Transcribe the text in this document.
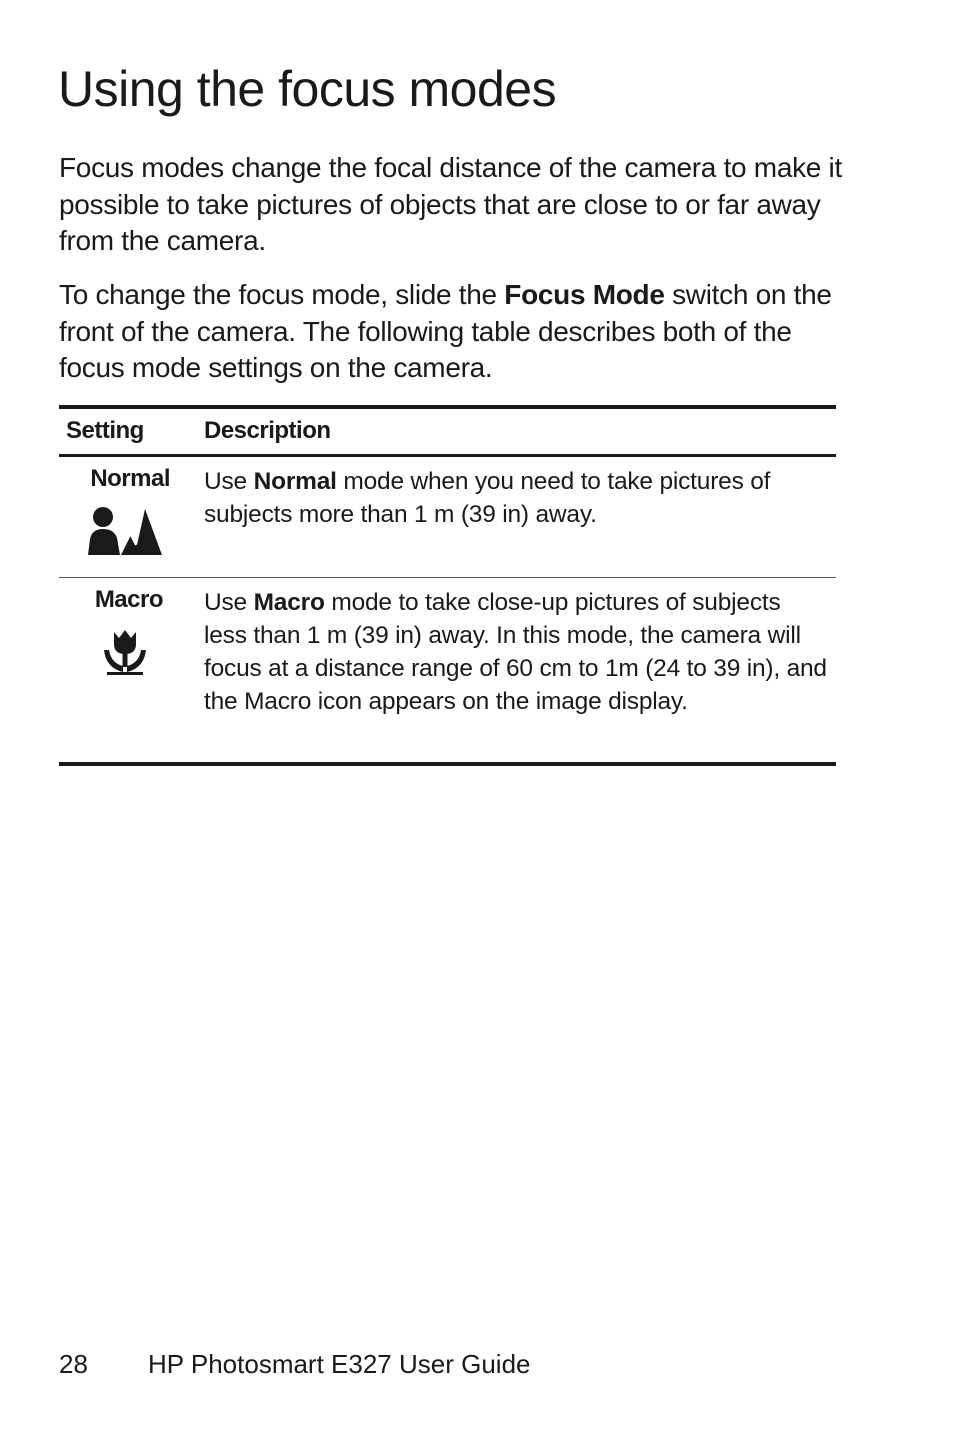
Using the focus modes

Focus modes change the focal distance of the camera to make it possible to take pictures of objects that are close to or far away from the camera.

To change the focus mode, slide the Focus Mode switch on the front of the camera. The following table describes both of the focus mode settings on the camera.

Setting	Description
Normal Use Normal mode when you need to take pictures of subjects more than 1 m (39 in) away.

Macro Use Macro mode to take close-up pictures of subjects less than 1 m (39 in) away. In this mode, the camera will focus at a distance range of 60 cm to 1m (24 to 39 in), and the Macro icon appears on the image display.

28 HP Photosmart E327 User Guide
